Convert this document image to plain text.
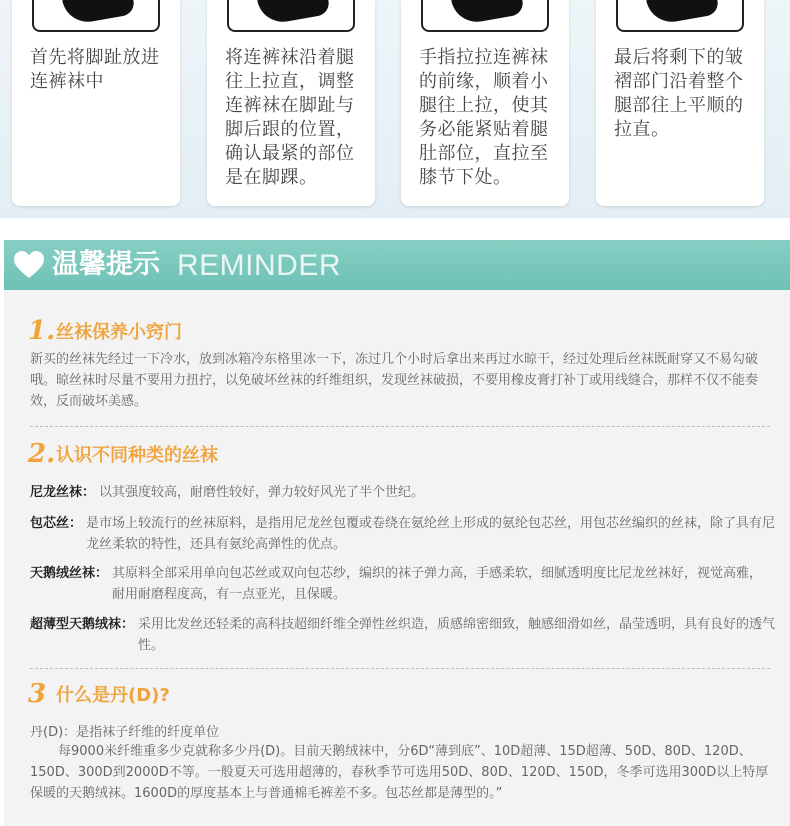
首先将脚趾放进连裤袜中
将连裤袜沿着腿往上拉直，调整连裤袜在脚趾与脚后跟的位置，确认最紧的部位是在脚踝。
手指拉拉连裤袜的前缘，顺着小腿往上拉，使其务必能紧贴着腿肚部位，直拉至膝节下处。
最后将剩下的皱褶部门沿着整个腿部往上平顺的拉直。
温馨提示 REMINDER
1. 丝袜保养小窍门
新买的丝袜先经过一下冷水，放到冰箱冷东格里冰一下，冻过几个小时后拿出来再过水晾干，经过处理后丝袜既耐穿又不易勾破哦。晾丝袜时尽量不要用力扭拧，以免破坏丝袜的纤维组织，发现丝袜破损，不要用橡皮膏打补丁或用线缝合，那样不仅不能奏效，反而破坏美感。
2. 认识不同种类的丝袜
尼龙丝袜 ： 以其强度较高，耐磨性较好，弹力较好风光了半个世纪。
包芯丝 ： 是市场上较流行的丝袜原料，是指用尼龙丝包覆或卷绕在氨纶丝上形成的氨纶包芯丝，用包芯丝编织的丝袜，除了具有尼龙丝柔软的特性，还具有氨纶高弹性的优点。
天鹅绒丝袜 ： 其原料全部采用单向包芯丝或双向包芯纱，编织的袜子弹力高，手感柔软，细腻透明度比尼龙丝袜好，视觉高雅， 耐用耐磨程度高，有一点亚光，且保暖。
超薄型天鹅绒袜 ： 采用比发丝还轻柔的高科技超细纤维全弹性丝织造，质感绵密细致，触感细滑如丝，晶莹透明，具有良好的透气性。
3 什么是丹(D)?
丹(D)：是指袜子纤维的纤度单位
每9000米纤维重多少克就称多少丹(D)。目前天鹅绒袜中，分6D“薄到底”、10D超薄、15D超薄、50D、80D、120D、150D、300D到2000D不等。一般夏天可选用超薄的，春秋季节可选用50D、80D、120D、150D，冬季可选用300D以上特厚保暖的天鹅绒袜。1600D的厚度基本上与普通棉毛裤差不多。包芯丝都是薄型的。”
